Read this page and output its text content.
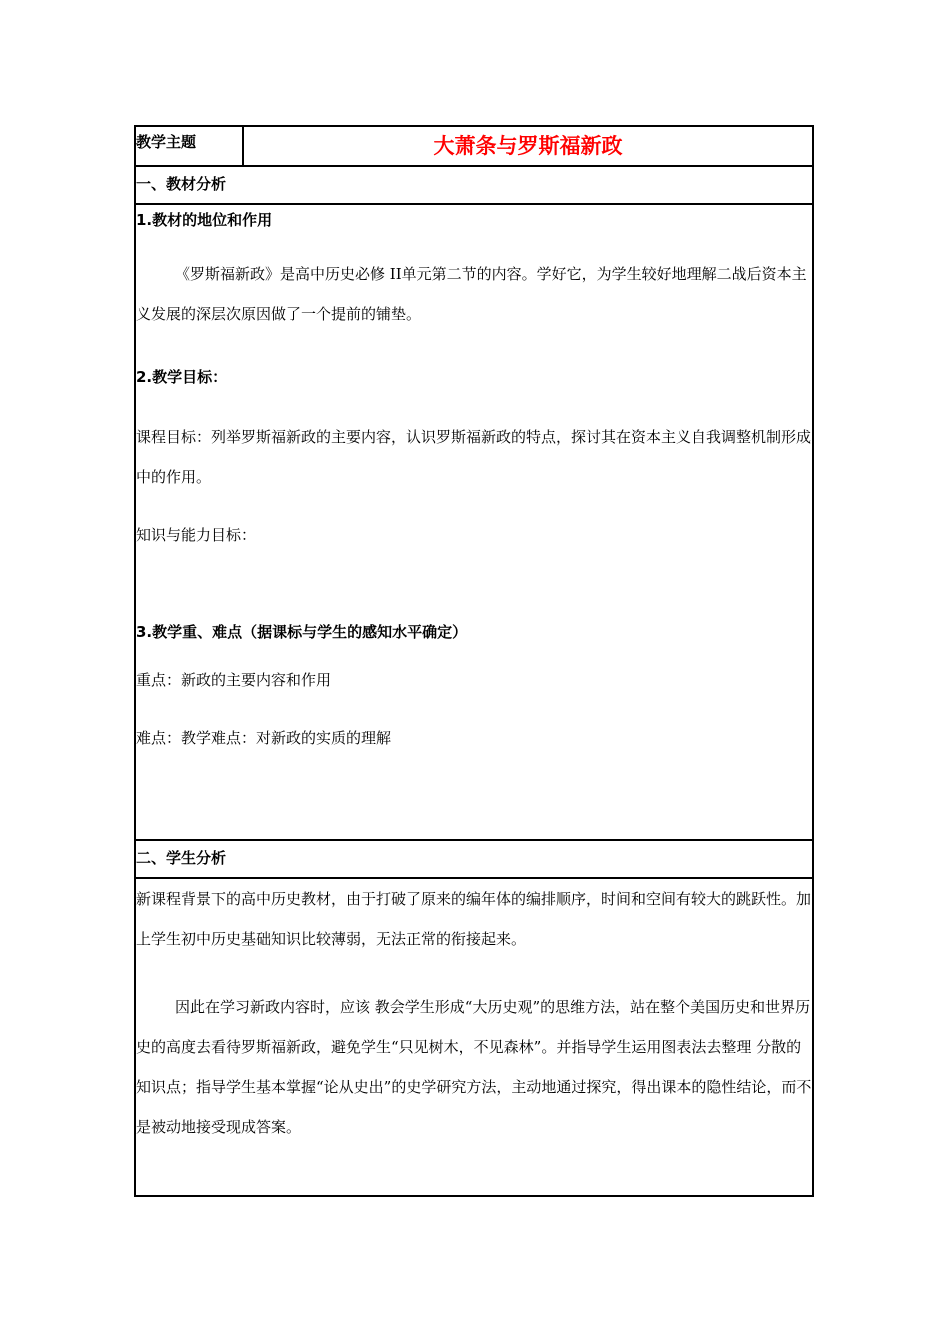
教学主题	大萧条与罗斯福新政
一、教材分析

1.教材的地位和作用

《罗斯福新政》是高中历史必修 II单元第二节的内容。学好它，为学生较好地理解二战后资本主义发展的深层次原因做了一个提前的铺垫。

2.教学目标：

课程目标：列举罗斯福新政的主要内容，认识罗斯福新政的特点，探讨其在资本主义自我调整机制形成中的作用。

知识与能力目标：

3.教学重、难点（据课标与学生的感知水平确定）

重点：新政的主要内容和作用

难点：教学难点：对新政的实质的理解

二、学生分析

新课程背景下的高中历史教材，由于打破了原来的编年体的编排顺序，时间和空间有较大的跳跃性。加上学生初中历史基础知识比较薄弱，无法正常的衔接起来。

因此在学习新政内容时，应该 教会学生形成“大历史观”的思维方法，站在整个美国历史和世界历史的高度去看待罗斯福新政，避免学生“只见树木，不见森林”。并指导学生运用图表法去整理 分散的知识点；指导学生基本掌握“论从史出”的史学研究方法，主动地通过探究，得出课本的隐性结论，而不是被动地接受现成答案。
